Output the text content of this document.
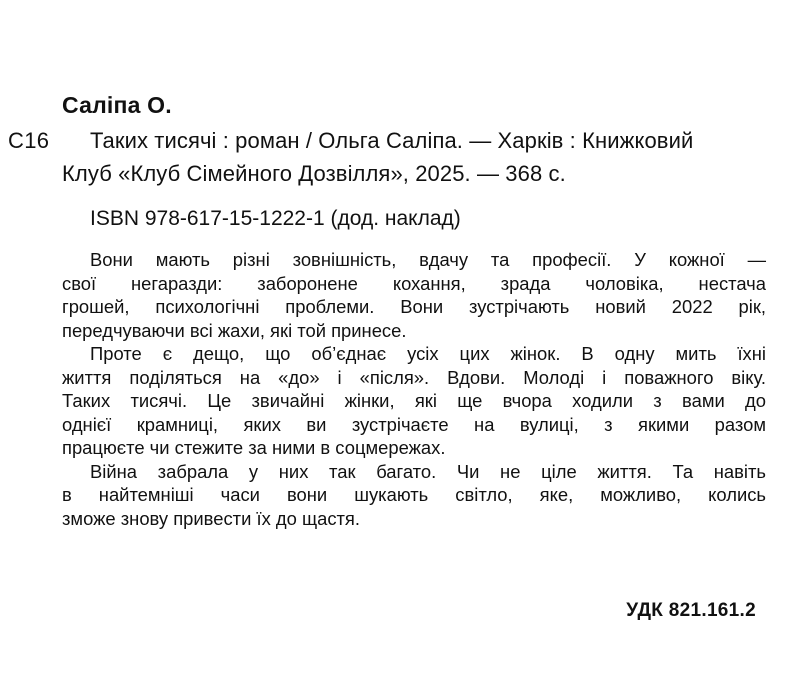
Саліпа О.
С16 Таких тисячі : роман / Ольга Саліпа. — Харків : Книжковий
Клуб «Клуб Сімейного Дозвілля», 2025. — 368 с.
ISBN 978-617-15-1222-1 (дод. наклад)

Вони мають різні зовнішність, вдачу та професії. У кожної —
свої негаразди: заборонене кохання, зрада чоловіка, нестача
грошей, психологічні проблеми. Вони зустрічають новий 2022 рік,
передчуваючи всі жахи, які той принесе.

Проте є дещо, що об’єднає усіх цих жінок. В одну мить їхні
життя поділяться на «до» і «після». Вдови. Молоді і поважного віку.
Таких тисячі. Це звичайні жінки, які ще вчора ходили з вами до
однієї крамниці, яких ви зустрічаєте на вулиці, з якими разом
працюєте чи стежите за ними в соцмережах.

Війна забрала у них так багато. Чи не ціле життя. Та навіть
в найтемніші часи вони шукають світло, яке, можливо, колись
зможе знову привести їх до щастя.

УДК 821.161.2
